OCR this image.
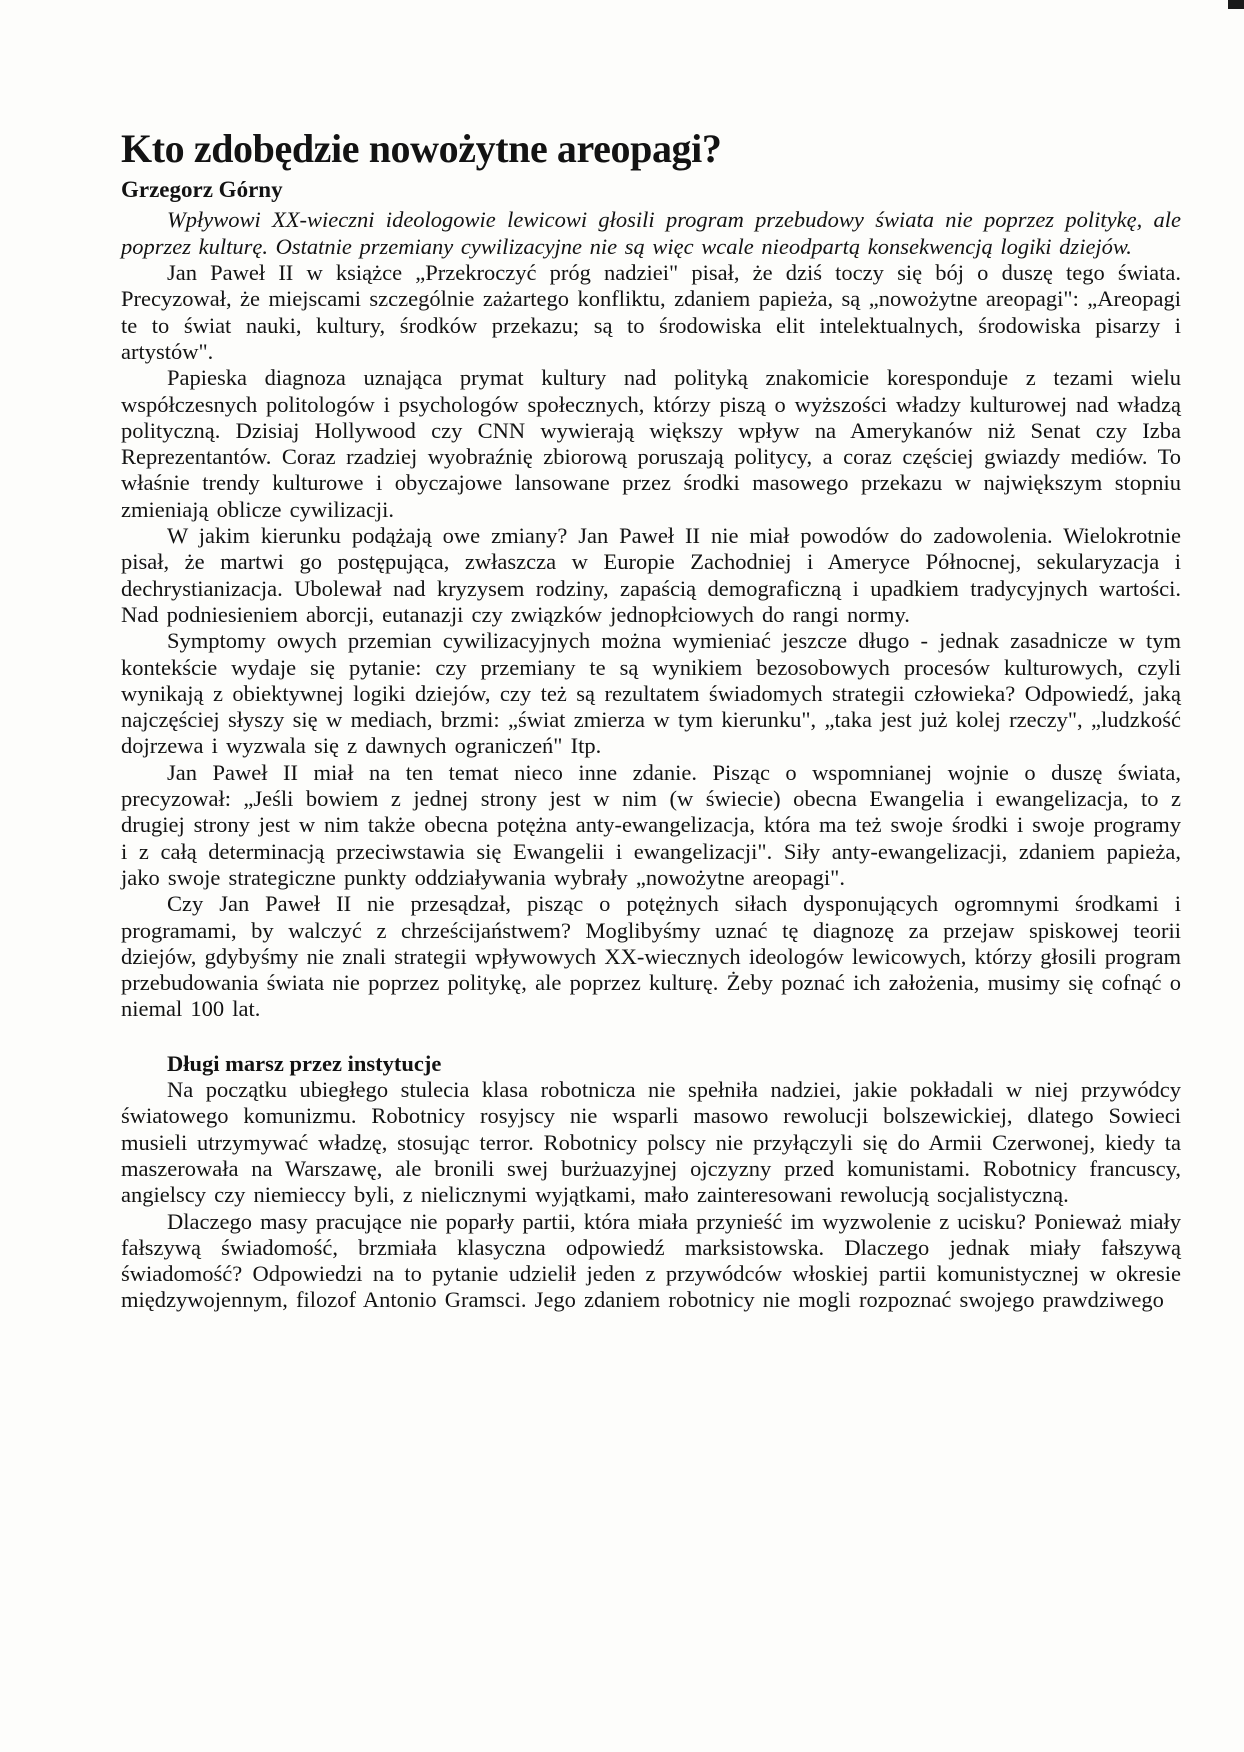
Kto zdobędzie nowożytne areopagi?

Grzegorz Górny

Wpływowi XX-wieczni ideologowie lewicowi głosili program przebudowy świata nie poprzez politykę, ale poprzez kulturę. Ostatnie przemiany cywilizacyjne nie są więc wcale nieodpartą konsekwencją logiki dziejów.

Jan Paweł II w książce „Przekroczyć próg nadziei" pisał, że dziś toczy się bój o duszę tego świata. Precyzował, że miejscami szczególnie zażartego konfliktu, zdaniem papieża, są „nowożytne areopagi": „Areopagi te to świat nauki, kultury, środków przekazu; są to środowiska elit intelektualnych, środowiska pisarzy i artystów".

Papieska diagnoza uznająca prymat kultury nad polityką znakomicie koresponduje z tezami wielu współczesnych politologów i psychologów społecznych, którzy piszą o wyższości władzy kulturowej nad władzą polityczną. Dzisiaj Hollywood czy CNN wywierają większy wpływ na Amerykanów niż Senat czy Izba Reprezentantów. Coraz rzadziej wyobraźnię zbiorową poruszają politycy, a coraz częściej gwiazdy mediów. To właśnie trendy kulturowe i obyczajowe lansowane przez środki masowego przekazu w największym stopniu zmieniają oblicze cywilizacji.

W jakim kierunku podążają owe zmiany? Jan Paweł II nie miał powodów do zadowolenia. Wielokrotnie pisał, że martwi go postępująca, zwłaszcza w Europie Zachodniej i Ameryce Północnej, sekularyzacja i dechrystianizacja. Ubolewał nad kryzysem rodziny, zapaścią demograficzną i upadkiem tradycyjnych wartości. Nad podniesieniem aborcji, eutanazji czy związków jednopłciowych do rangi normy.

Symptomy owych przemian cywilizacyjnych można wymieniać jeszcze długo - jednak zasadnicze w tym kontekście wydaje się pytanie: czy przemiany te są wynikiem bezosobowych procesów kulturowych, czyli wynikają z obiektywnej logiki dziejów, czy też są rezultatem świadomych strategii człowieka? Odpowiedź, jaką najczęściej słyszy się w mediach, brzmi: „świat zmierza w tym kierunku", „taka jest już kolej rzeczy", „ludzkość dojrzewa i wyzwala się z dawnych ograniczeń" Itp.

Jan Paweł II miał na ten temat nieco inne zdanie. Pisząc o wspomnianej wojnie o duszę świata, precyzował: „Jeśli bowiem z jednej strony jest w nim (w świecie) obecna Ewangelia i ewangelizacja, to z drugiej strony jest w nim także obecna potężna anty-ewangelizacja, która ma też swoje środki i swoje programy i z całą determinacją przeciwstawia się Ewangelii i ewangelizacji". Siły anty-ewangelizacji, zdaniem papieża, jako swoje strategiczne punkty oddziaływania wybrały „nowożytne areopagi".

Czy Jan Paweł II nie przesądzał, pisząc o potężnych siłach dysponujących ogromnymi środkami i programami, by walczyć z chrześcijaństwem? Moglibyśmy uznać tę diagnozę za przejaw spiskowej teorii dziejów, gdybyśmy nie znali strategii wpływowych XX-wiecznych ideologów lewicowych, którzy głosili program przebudowania świata nie poprzez politykę, ale poprzez kulturę. Żeby poznać ich założenia, musimy się cofnąć o niemal 100 lat.

Długi marsz przez instytucje

Na początku ubiegłego stulecia klasa robotnicza nie spełniła nadziei, jakie pokładali w niej przywódcy światowego komunizmu. Robotnicy rosyjscy nie wsparli masowo rewolucji bolszewickiej, dlatego Sowieci musieli utrzymywać władzę, stosując terror. Robotnicy polscy nie przyłączyli się do Armii Czerwonej, kiedy ta maszerowała na Warszawę, ale bronili swej burżuazyjnej ojczyzny przed komunistami. Robotnicy francuscy, angielscy czy niemieccy byli, z nielicznymi wyjątkami, mało zainteresowani rewolucją socjalistyczną.

Dlaczego masy pracujące nie poparły partii, która miała przynieść im wyzwolenie z ucisku? Ponieważ miały fałszywą świadomość, brzmiała klasyczna odpowiedź marksistowska. Dlaczego jednak miały fałszywą świadomość? Odpowiedzi na to pytanie udzielił jeden z przywódców włoskiej partii komunistycznej w okresie międzywojennym, filozof Antonio Gramsci. Jego zdaniem robotnicy nie mogli rozpoznać swojego prawdziwego
